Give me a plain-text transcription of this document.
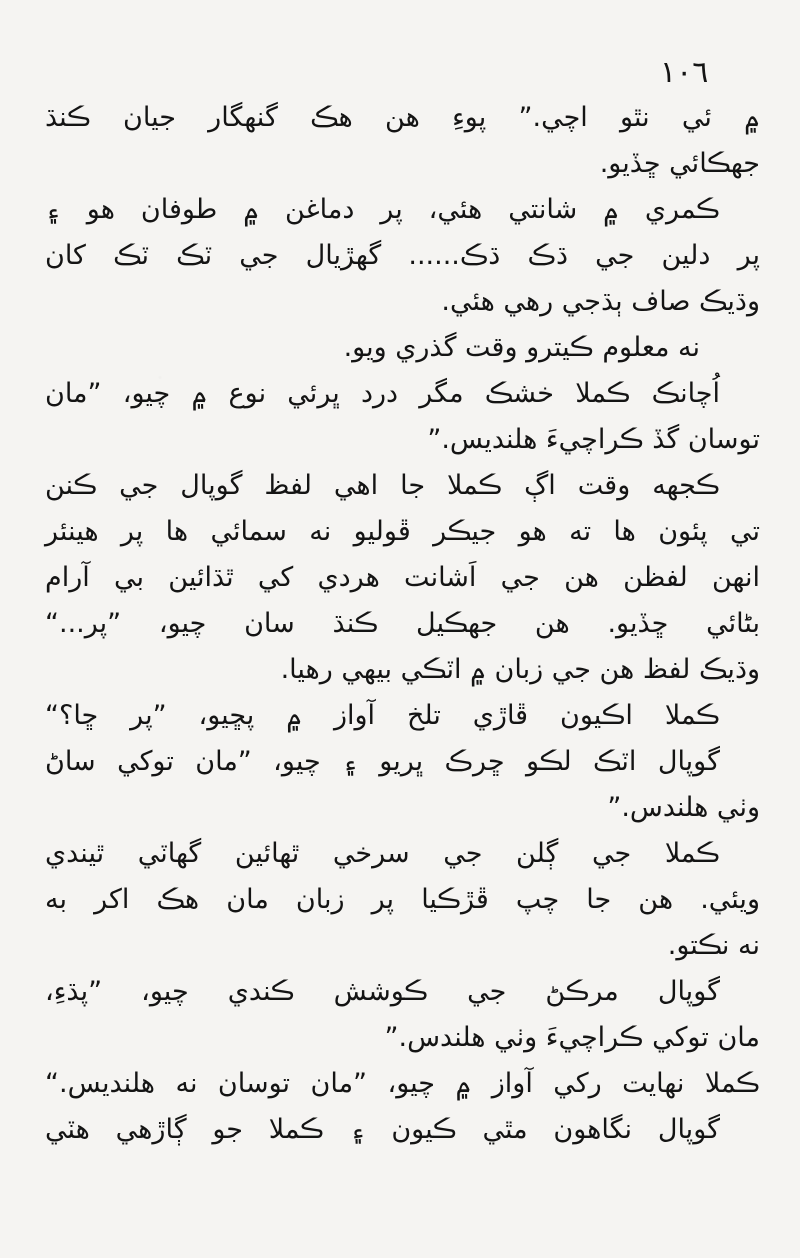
١٠٦
۾ ئي نٿو اچي.” پوءِ هن هڪ گنهگار جيان ڪنڌ
جهڪائي ڇڏيو.
ڪمري ۾ شانتي هئي، پر دماغن ۾ طوفان هو ۽
پر دلين جي ڌڪ ڌڪ...... گهڙيال جي ٽڪ ٽڪ کان
وڌيڪ صاف ٻڌجي رهي هئي.
نه معلوم ڪيترو وقت گذري ويو.
اُچانڪ ڪملا خشڪ مگر درد ڀرئي نوع ۾ چيو، ”مان
توسان گڏ ڪراچيءَ هلنديس.”
ڪجهه وقت اڳ ڪملا جا اهي لفظ گوپال جي ڪنن
تي پئون ها ته هو جيڪر ڦوليو نه سمائي ها پر هينئر
انهن لفظن هن جي اَشانت هردي کي ٿڌائين بي آرام
بڻائي ڇڏيو. هن جهڪيل ڪنڌ سان چيو، ”پر...“
وڌيڪ لفظ هن جي زبان ۾ اٽڪي بيهي رهيا.
ڪملا اڪيون ڦاڙي تلخ آواز ۾ پڇيو، ”پر ڇا؟“
گوپال اٽڪ لڪو ڇرڪ ڀريو ۽ چيو، ”مان توکي ساڻ
وٺي هلندس.”
ڪملا جي ڳلن جي سرخي ٿهائين گهاٽي ٿيندي
ويئي. هن جا چپ ڦڙڪيا پر زبان مان هڪ اکر به
نه نڪتو.
گوپال مرڪڻ جي ڪوشش ڪندي چيو، ”پڌءِ،
مان توکي ڪراچيءَ وٺي هلندس.”
ڪملا نهايت رکي آواز ۾ چيو، ”مان توسان نه هلنديس.“
گوپال نگاهون مٿي ڪيون ۽ ڪملا جو ڳاڙهي هٽي
